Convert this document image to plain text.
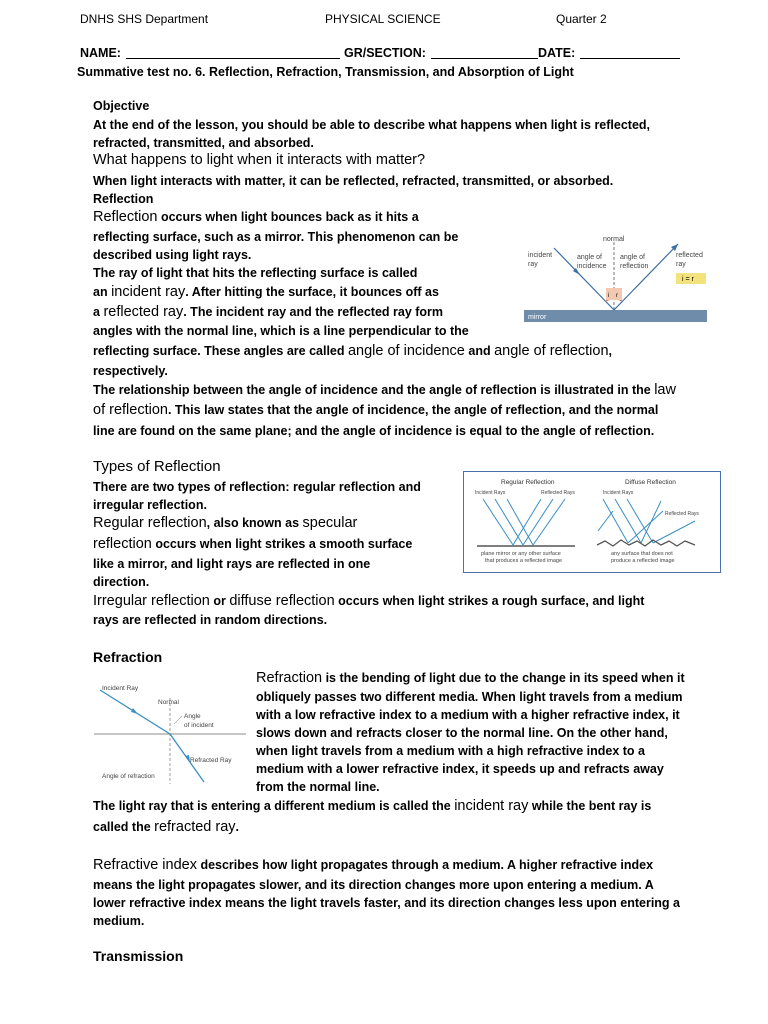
DNHS SHS Department	PHYSICAL SCIENCE	Quarter 2
NAME:	GR/SECTION:	DATE:
Summative test no. 6. Reflection, Refraction, Transmission, and Absorption of Light
Objective
At the end of the lesson, you should be able to describe what happens when light is reflected,
refracted, transmitted, and absorbed.
What happens to light when it interacts with matter?
When light interacts with matter, it can be reflected, refracted, transmitted, or absorbed.
Reflection
Reflection occurs when light bounces back as it hits a
reflecting surface, such as a mirror. This phenomenon can be
described using light rays.
The ray of light that hits the reflecting surface is called
an incident ray. After hitting the surface, it bounces off as
a reflected ray. The incident ray and the reflected ray form
angles with the normal line, which is a line perpendicular to the
reflecting surface. These angles are called angle of incidence and angle of reflection,
respectively.
The relationship between the angle of incidence and the angle of reflection is illustrated in the law
of reflection. This law states that the angle of incidence, the angle of reflection, and the normal
line are found on the same plane; and the angle of incidence is equal to the angle of reflection.
mirror
normal
i r
incident
ray
angle of
incidence
angle of
reflection
reflected
ray
i = r
Types of Reflection
There are two types of reflection: regular reflection and
irregular reflection.
Regular reflection, also known as specular
reflection occurs when light strikes a smooth surface
like a mirror, and light rays are reflected in one
direction.
Irregular reflection or diffuse reflection occurs when light strikes a rough surface, and light
rays are reflected in random directions.
Regular Reflection	Diffuse Reflection
Incident Rays	Reflected Rays	Incident Rays
Reflected Rays
plane mirror or any other surface
that produces a reflected image
any surface that does not
produce a reflected image
Refraction
Refraction is the bending of light due to the change in its speed when it
obliquely passes two different media. When light travels from a medium
with a low refractive index to a medium with a higher refractive index, it
slows down and refracts closer to the normal line. On the other hand,
when light travels from a medium with a high refractive index to a
medium with a lower refractive index, it speeds up and refracts away
from the normal line.
The light ray that is entering a different medium is called the incident ray while the bent ray is
called the refracted ray.
Refractive index describes how light propagates through a medium. A higher refractive index
means the light propagates slower, and its direction changes more upon entering a medium. A
lower refractive index means the light travels faster, and its direction changes less upon entering a
medium.
Normal
Incident Ray
Angle
of incident
Refracted Ray
Angle of refraction
Transmission
